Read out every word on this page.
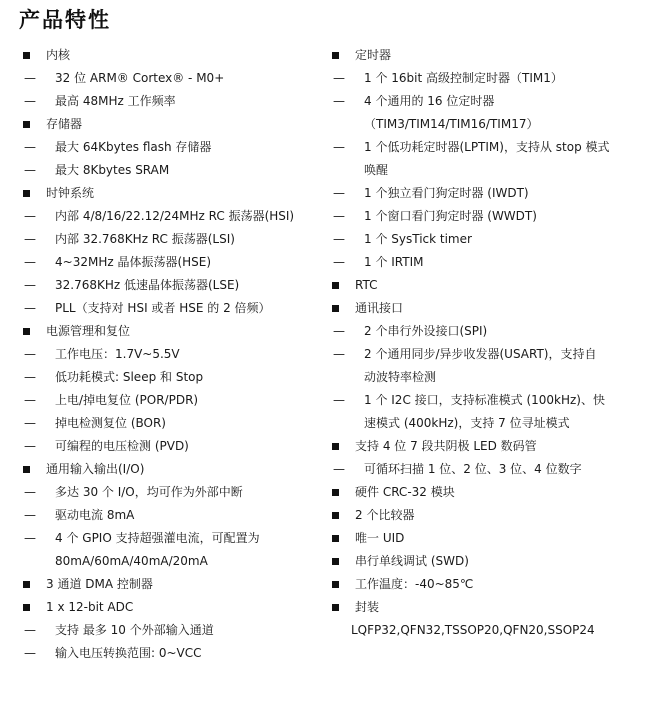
产品特性
内核
—	32 位 ARM® Cortex® - M0+
—	最高 48MHz 工作频率
存储器
—	最大 64Kbytes flash 存储器
—	最大 8Kbytes SRAM
时钟系统
—	内部 4/8/16/22.12/24MHz RC 振荡器(HSI)
—	内部 32.768KHz RC 振荡器(LSI)
—	4~32MHz 晶体振荡器(HSE)
—	32.768KHz 低速晶体振荡器(LSE)
—	PLL（支持对 HSI 或者 HSE 的 2 倍频）
电源管理和复位
—	工作电压：1.7V~5.5V
—	低功耗模式: Sleep 和 Stop
—	上电/掉电复位 (POR/PDR)
—	掉电检测复位 (BOR)
—	可编程的电压检测 (PVD)
通用输入输出(I/O)
—	多达 30 个 I/O，均可作为外部中断
—	驱动电流 8mA
—	4 个 GPIO 支持超强灌电流，可配置为
80mA/60mA/40mA/20mA
3 通道 DMA 控制器
1 x 12-bit ADC
—	支持 最多 10 个外部输入通道
—	输入电压转换范围: 0~VCC
定时器
—	1 个 16bit 高级控制定时器（TIM1）
—	4 个通用的 16 位定时器
（TIM3/TIM14/TIM16/TIM17）
—	1 个低功耗定时器(LPTIM)，支持从 stop 模式
唤醒
—	1 个独立看门狗定时器 (IWDT)
—	1 个窗口看门狗定时器 (WWDT)
—	1 个 SysTick timer
—	1 个 IRTIM
RTC
通讯接口
—	2 个串行外设接口(SPI)
—	2 个通用同步/异步收发器(USART)，支持自
动波特率检测
—	1 个 I2C 接口，支持标准模式 (100kHz)、快
速模式 (400kHz)，支持 7 位寻址模式
支持 4 位 7 段共阴极 LED 数码管
—	可循环扫描 1 位、2 位、3 位、4 位数字
硬件 CRC-32 模块
2 个比较器
唯一 UID
串行单线调试 (SWD)
工作温度：-40~85℃
封装
LQFP32,QFN32,TSSOP20,QFN20,SSOP24
